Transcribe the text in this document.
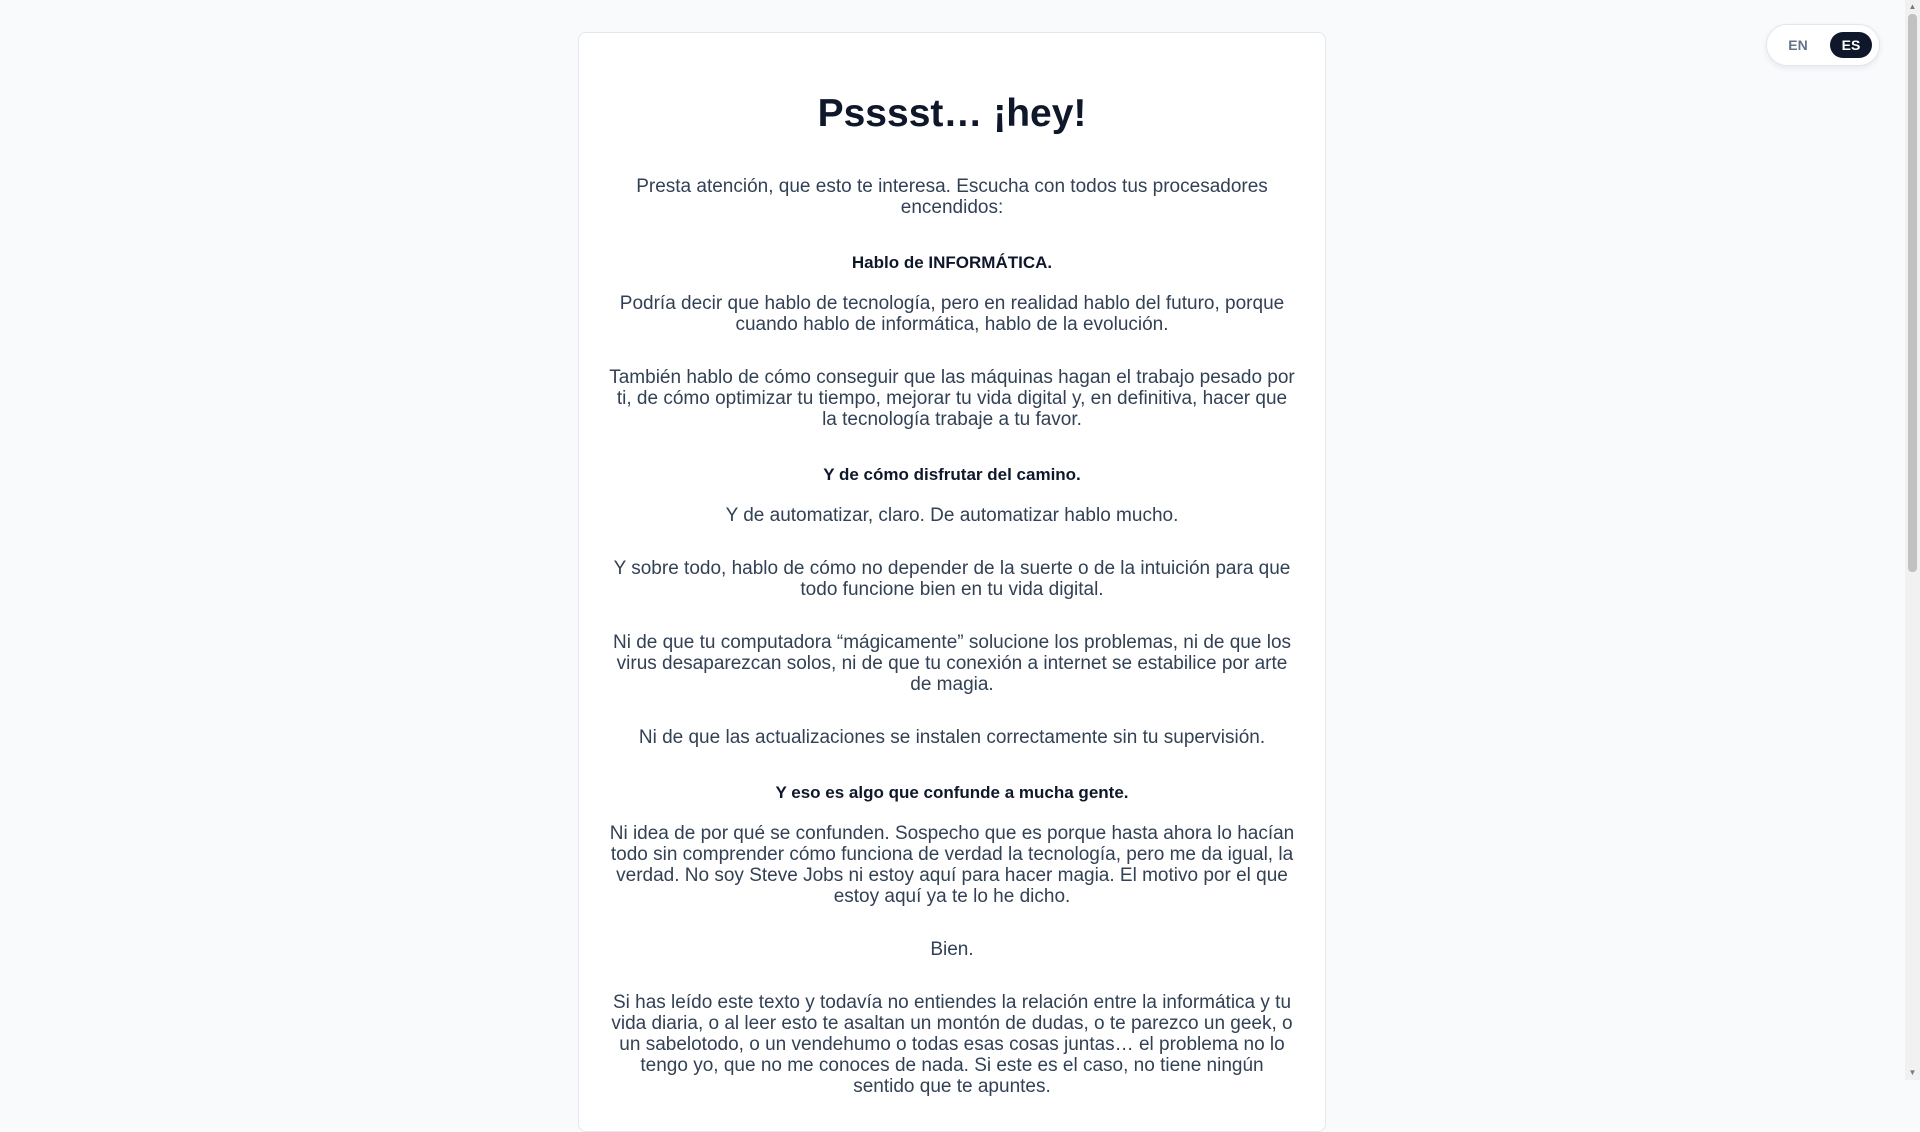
Psssst… ¡hey!

Presta atención, que esto te interesa. Escucha con todos tus procesadores encendidos:

Hablo de INFORMÁTICA.

Podría decir que hablo de tecnología, pero en realidad hablo del futuro, porque cuando hablo de informática, hablo de la evolución.

También hablo de cómo conseguir que las máquinas hagan el trabajo pesado por ti, de cómo optimizar tu tiempo, mejorar tu vida digital y, en definitiva, hacer que la tecnología trabaje a tu favor.

Y de cómo disfrutar del camino.

Y de automatizar, claro. De automatizar hablo mucho.

Y sobre todo, hablo de cómo no depender de la suerte o de la intuición para que todo funcione bien en tu vida digital.

Ni de que tu computadora “mágicamente” solucione los problemas, ni de que los virus desaparezcan solos, ni de que tu conexión a internet se estabilice por arte de magia.

Ni de que las actualizaciones se instalen correctamente sin tu supervisión.

Y eso es algo que confunde a mucha gente.

Ni idea de por qué se confunden. Sospecho que es porque hasta ahora lo hacían todo sin comprender cómo funciona de verdad la tecnología, pero me da igual, la verdad. No soy Steve Jobs ni estoy aquí para hacer magia. El motivo por el que estoy aquí ya te lo he dicho.

Bien.

Si has leído este texto y todavía no entiendes la relación entre la informática y tu vida diaria, o al leer esto te asaltan un montón de dudas, o te parezco un geek, o un sabelotodo, o un vendehumo o todas esas cosas juntas… el problema no lo tengo yo, que no me conoces de nada. Si este es el caso, no tiene ningún sentido que te apuntes.

EN	ES
▲
▼
